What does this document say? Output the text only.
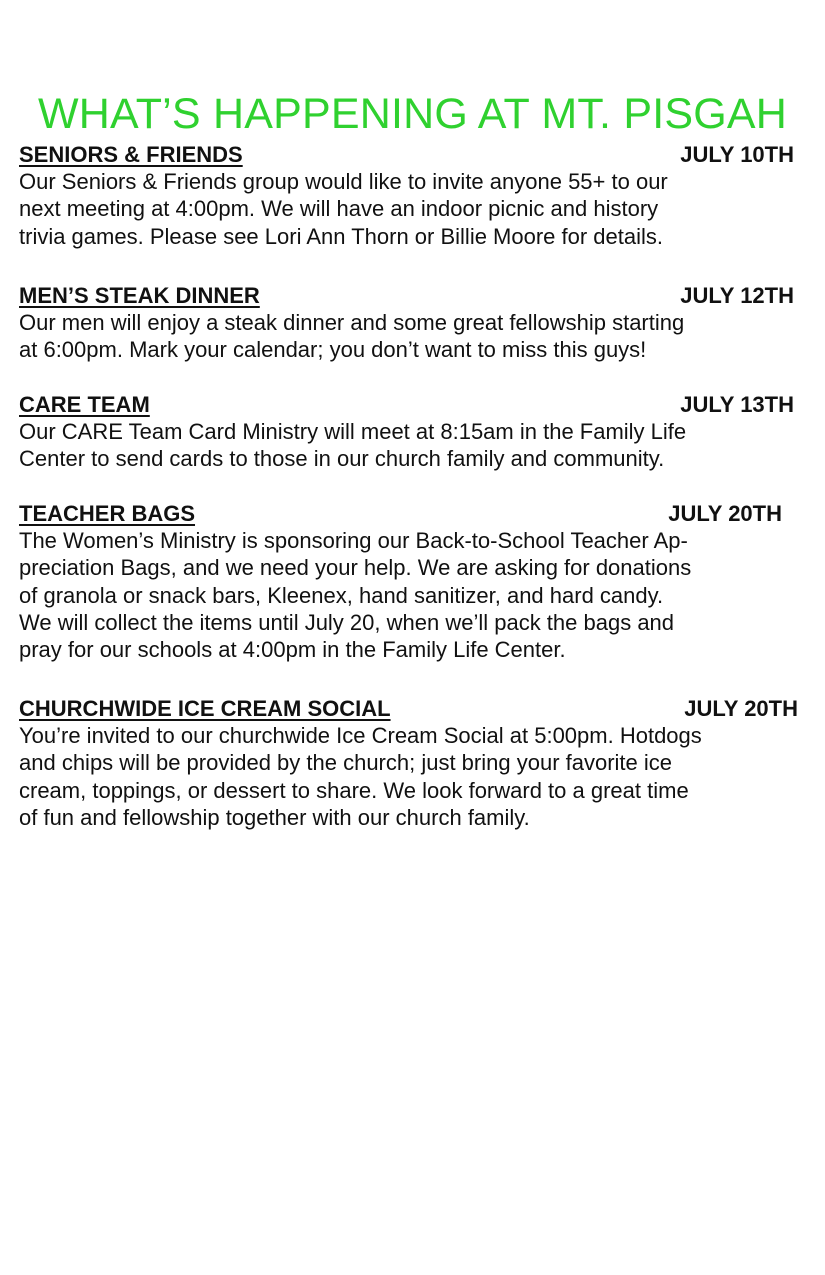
WHAT’S HAPPENING AT MT. PISGAH
SENIORS & FRIENDS	JULY 10TH
Our Seniors & Friends group would like to invite anyone 55+ to our
next meeting at 4:00pm. We will have an indoor picnic and history
trivia games. Please see Lori Ann Thorn or Billie Moore for details.
MEN’S STEAK DINNER	JULY 12TH
Our men will enjoy a steak dinner and some great fellowship starting
at 6:00pm. Mark your calendar; you don’t want to miss this guys!
CARE TEAM	JULY 13TH
Our CARE Team Card Ministry will meet at 8:15am in the Family Life
Center to send cards to those in our church family and community.
TEACHER BAGS	JULY 20TH
The Women’s Ministry is sponsoring our Back-to-School Teacher Ap-
preciation Bags, and we need your help. We are asking for donations
of granola or snack bars, Kleenex, hand sanitizer, and hard candy.
We will collect the items until July 20, when we’ll pack the bags and
pray for our schools at 4:00pm in the Family Life Center.
CHURCHWIDE ICE CREAM SOCIAL	JULY 20TH
You’re invited to our churchwide Ice Cream Social at 5:00pm. Hotdogs
and chips will be provided by the church; just bring your favorite ice
cream, toppings, or dessert to share. We look forward to a great time
of fun and fellowship together with our church family.
